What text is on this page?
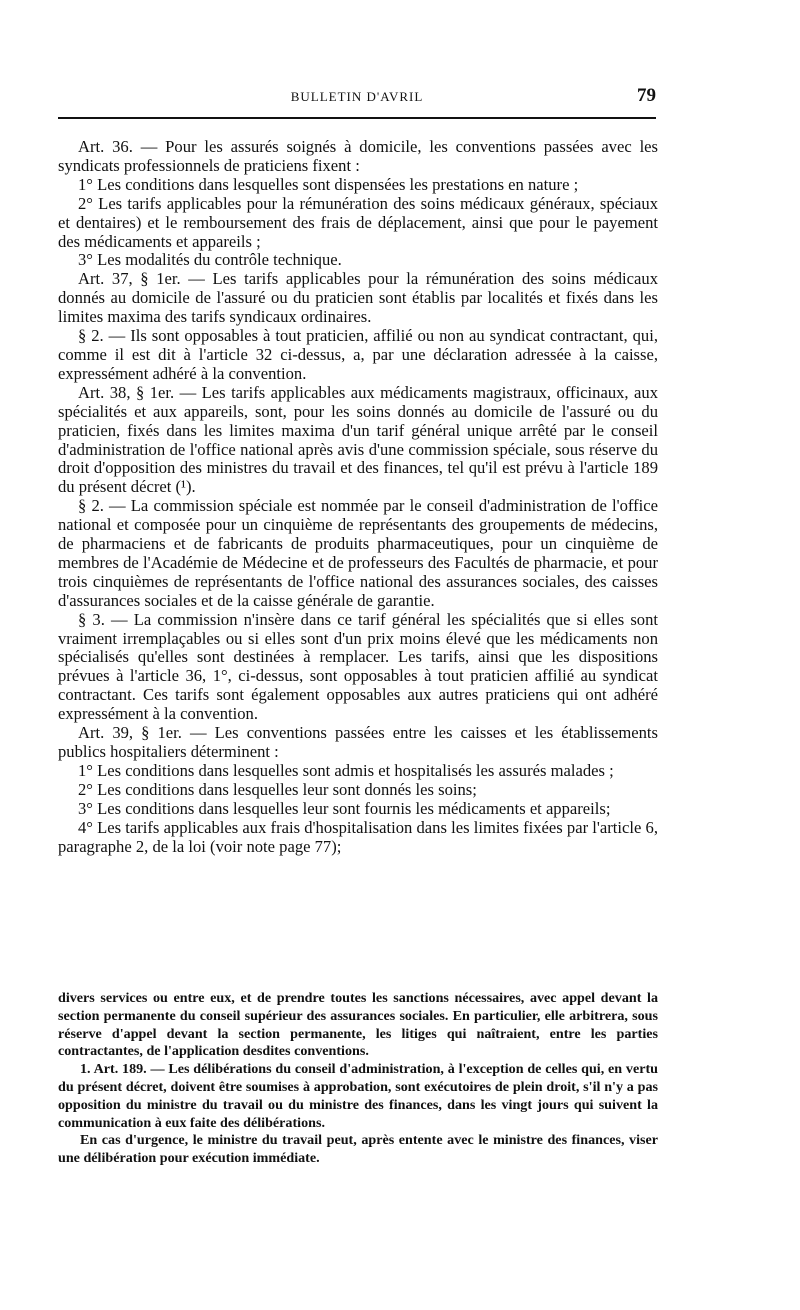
BULLETIN D'AVRIL	79

Art. 36. — Pour les assurés soignés à domicile, les conventions passées avec les syndicats professionnels de praticiens fixent :

1° Les conditions dans lesquelles sont dispensées les prestations en nature ;

2° Les tarifs applicables pour la rémunération des soins médicaux généraux, spéciaux et dentaires) et le remboursement des frais de déplacement, ainsi que pour le payement des médicaments et appareils ;

3° Les modalités du contrôle technique.

Art. 37, § 1er. — Les tarifs applicables pour la rémunération des soins médicaux donnés au domicile de l'assuré ou du praticien sont établis par localités et fixés dans les limites maxima des tarifs syndicaux ordinaires.

§ 2. — Ils sont opposables à tout praticien, affilié ou non au syndicat contractant, qui, comme il est dit à l'article 32 ci-dessus, a, par une déclaration adressée à la caisse, expressément adhéré à la convention.

Art. 38, § 1er. — Les tarifs applicables aux médicaments magistraux, officinaux, aux spécialités et aux appareils, sont, pour les soins donnés au domicile de l'assuré ou du praticien, fixés dans les limites maxima d'un tarif général unique arrêté par le conseil d'administration de l'office national après avis d'une commission spéciale, sous réserve du droit d'opposition des ministres du travail et des finances, tel qu'il est prévu à l'article 189 du présent décret (¹).

§ 2. — La commission spéciale est nommée par le conseil d'administration de l'office national et composée pour un cinquième de représentants des groupements de médecins, de pharmaciens et de fabricants de produits pharmaceutiques, pour un cinquième de membres de l'Académie de Médecine et de professeurs des Facultés de pharmacie, et pour trois cinquièmes de représentants de l'office national des assurances sociales, des caisses d'assurances sociales et de la caisse générale de garantie.

§ 3. — La commission n'insère dans ce tarif général les spécialités que si elles sont vraiment irremplaçables ou si elles sont d'un prix moins élevé que les médicaments non spécialisés qu'elles sont destinées à remplacer. Les tarifs, ainsi que les dispositions prévues à l'article 36, 1°, ci-dessus, sont opposables à tout praticien affilié au syndicat contractant. Ces tarifs sont également opposables aux autres praticiens qui ont adhéré expressément à la convention.

Art. 39, § 1er. — Les conventions passées entre les caisses et les établissements publics hospitaliers déterminent :

1° Les conditions dans lesquelles sont admis et hospitalisés les assurés malades ;

2° Les conditions dans lesquelles leur sont donnés les soins;

3° Les conditions dans lesquelles leur sont fournis les médicaments et appareils;

4° Les tarifs applicables aux frais d'hospitalisation dans les limites fixées par l'article 6, paragraphe 2, de la loi (voir note page 77);

divers services ou entre eux, et de prendre toutes les sanctions nécessaires, avec appel devant la section permanente du conseil supérieur des assurances sociales. En particulier, elle arbitrera, sous réserve d'appel devant la section permanente, les litiges qui naîtraient, entre les parties contractantes, de l'application desdites conventions.

1. Art. 189. — Les délibérations du conseil d'administration, à l'exception de celles qui, en vertu du présent décret, doivent être soumises à approbation, sont exécutoires de plein droit, s'il n'y a pas opposition du ministre du travail ou du ministre des finances, dans les vingt jours qui suivent la communication à eux faite des délibérations.

En cas d'urgence, le ministre du travail peut, après entente avec le ministre des finances, viser une délibération pour exécution immédiate.
